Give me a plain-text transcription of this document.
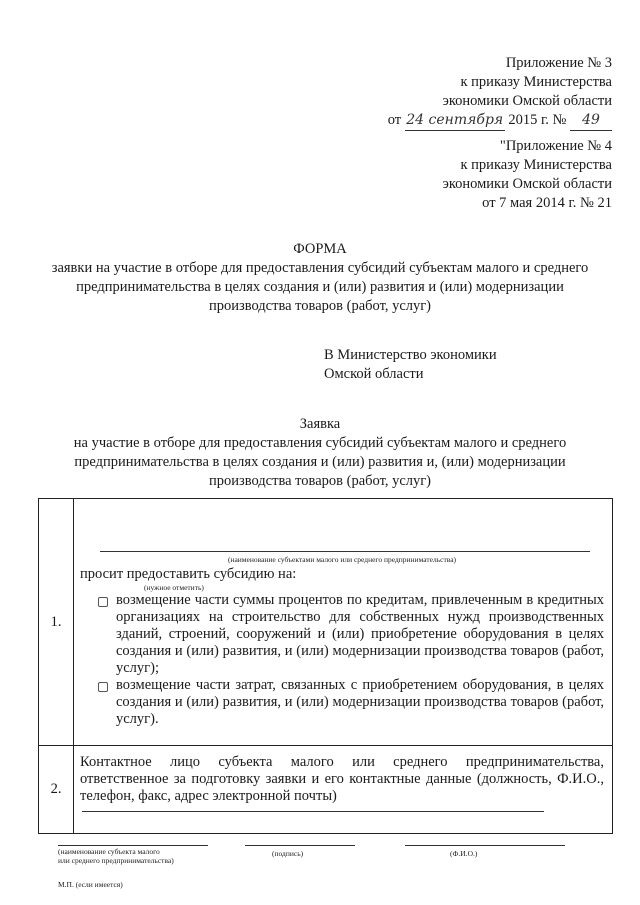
Приложение № 3
к приказу Министерства
экономики Омской области
от 24 сентября 2015 г. № 49
"Приложение № 4
к приказу Министерства
экономики Омской области
от 7 мая 2014 г. № 21
ФОРМА
заявки на участие в отборе для предоставления субсидий субъектам малого и среднего
предпринимательства в целях создания и (или) развития и (или) модернизации
производства товаров (работ, услуг)
В Министерство экономики
Омской области
Заявка
на участие в отборе для предоставления субсидий субъектам малого и среднего
предпринимательства в целях создания и (или) развития и, (или) модернизации
производства товаров (работ, услуг)
1.	(наименование субъектами малого или среднего предпринимательства)
просит предоставить субсидию на:
(нужное отметить)
возмещение части суммы процентов по кредитам, привлеченным в кредитных организациях на строительство для собственных нужд производственных зданий, строений, сооружений и (или) приобретение оборудования в целях создания и (или) развития, и (или) модернизации производства товаров (работ, услуг);
возмещение части затрат, связанных с приобретением оборудования, в целях создания и (или) развития, и (или) модернизации производства товаров (работ, услуг).

2.	Контактное лицо субъекта малого или среднего предпринимательства, ответственное за подготовку заявки и его контактные данные (должность, Ф.И.О., телефон, факс, адрес электронной почты)
(наименование субъекта малого
или среднего предпринимательства)
(подпись)	(Ф.И.О.)
М.П. (если имеется)
